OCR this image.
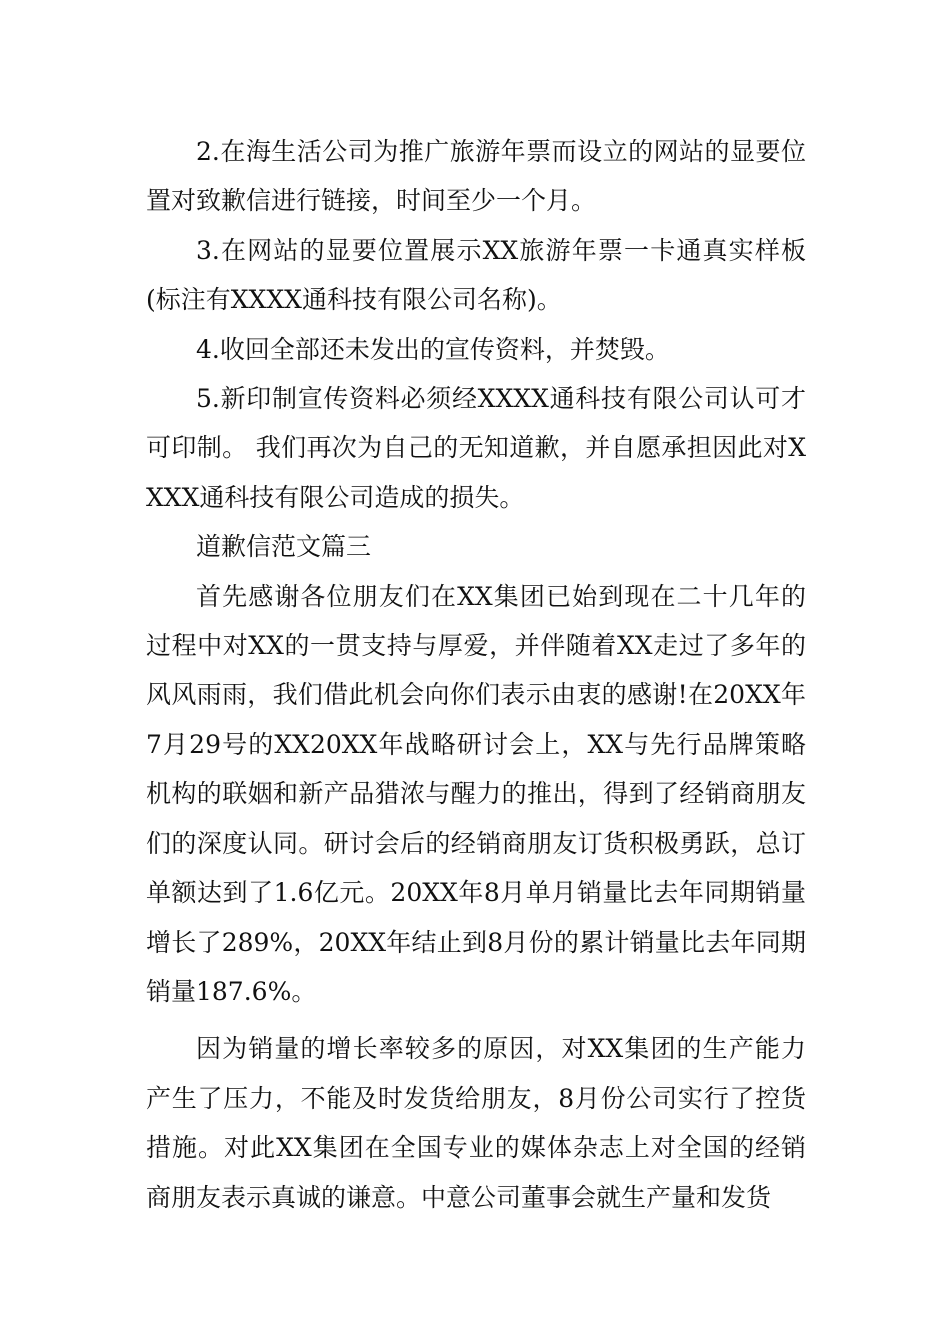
2.在海生活公司为推广旅游年票而设立的网站的显要位置对致歉信进行链接，时间至少一个月。

3.在网站的显要位置展示XX旅游年票一卡通真实样板(标注有XXXX通科技有限公司名称)。

4.收回全部还未发出的宣传资料，并焚毁。

5.新印制宣传资料必须经XXXX通科技有限公司认可才可印制。 我们再次为自己的无知道歉，并自愿承担因此对XXXX通科技有限公司造成的损失。

道歉信范文篇三

首先感谢各位朋友们在XX集团已始到现在二十几年的过程中对XX的一贯支持与厚爱，并伴随着XX走过了多年的风风雨雨，我们借此机会向你们表示由衷的感谢!在20XX年7月29号的XX20XX年战略研讨会上，XX与先行品牌策略机构的联姻和新产品猎浓与醒力的推出，得到了经销商朋友们的深度认同。研讨会后的经销商朋友订货积极勇跃，总订单额达到了1.6亿元。20XX年8月单月销量比去年同期销量增长了289%，20XX年结止到8月份的累计销量比去年同期销量187.6%。

因为销量的增长率较多的原因，对XX集团的生产能力产生了压力，不能及时发货给朋友，8月份公司实行了控货措施。对此XX集团在全国专业的媒体杂志上对全国的经销商朋友表示真诚的谦意。中意公司董事会就生产量和发货
